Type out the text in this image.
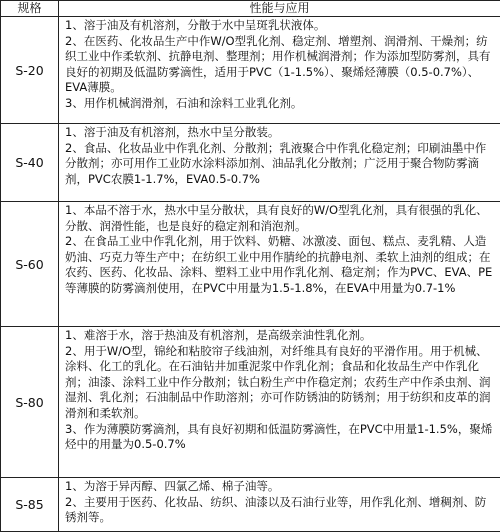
规格	性能与应用
S-20	1、溶于油及有机溶剂，分散于水中呈斑乳状液体。

2、在医药、化妆品生产中作W/O型乳化剂、稳定剂、增塑剂、润滑剂、干燥剂；纺织工业中作柔软剂、抗静电剂、整理剂；用作机械润滑剂；作为添加型防雾剂，具有良好的初期及低温防雾滴性，适用于PVC（1-1.5%）、聚烯烃薄膜（0.5-0.7%）、EVA薄膜。

3、用作机械润滑剂，石油和涂料工业乳化剂。

S-40	1、溶于油及有机溶剂，热水中呈分散装。

2、食品、化妆品业中作乳化剂、分散剂；乳液聚合中作乳化稳定剂；印刷油墨中作分散剂；亦可用作工业防水涂料添加剂、油品乳化分散剂；广泛用于聚合物防雾滴剂，PVC农膜1-1.7%，EVA0.5-0.7%

S-60	1、本品不溶于水，热水中呈分散状，具有良好的W/O型乳化剂，具有很强的乳化、分散、润滑性能，也是良好的稳定剂和消泡剂。

2、在食品工业中作乳化剂，用于饮料、奶糖、冰激凌、面包、糕点、麦乳精、人造奶油、巧克力等生产中；在纺织工业中用作腈纶的抗静电剂、柔软上油剂的组成；在农药、医药、化妆品、涂料、塑料工业中用作乳化剂、稳定剂；作为PVC、EVA、PE等薄膜的防雾滴剂使用，在PVC中用量为1.5-1.8%，在EVA中用量为0.7-1%

S-80	1、难溶于水，溶于热油及有机溶剂，是高级亲油性乳化剂。

2、用于W/O型，锦纶和粘胶帘子线油剂，对纤维具有良好的平滑作用。用于机械、涂料、化工的乳化。在石油钻井加重泥浆中作乳化剂；食品和化妆品生产中作乳化剂；油漆、涂料工业中作分散剂；钛白粉生产中作稳定剂；农药生产中作杀虫剂、润湿剂、乳化剂；石油制品中作助溶剂；亦可作防锈油的防锈剂；用于纺织和皮革的润滑剂和柔软剂。

3、作为薄膜防雾滴剂，具有良好初期和低温防雾滴性，在PVC中用量1-1.5%，聚烯烃中的用量为0.5-0.7%

S-85	1、为溶于异丙醇、四氯乙烯、棉子油等。

2、主要用于医药、化妆品、纺织、油漆以及石油行业等，用作乳化剂、增稠剂、防锈剂等。
